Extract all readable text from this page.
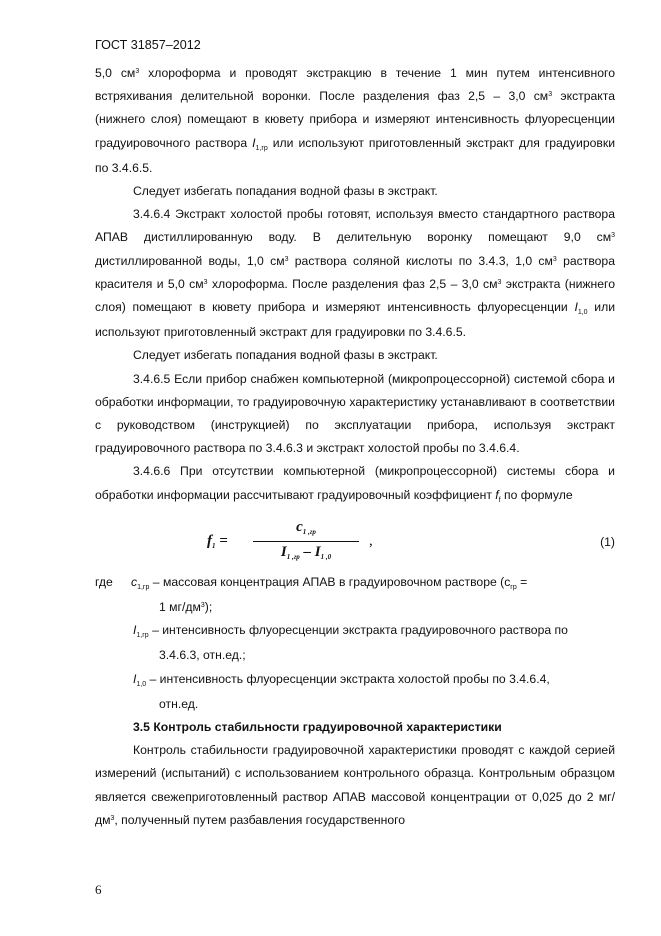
ГОСТ 31857–2012

5,0 $см^3$ хлороформа и проводят экстракцию в течение 1 мин путем интенсивного встряхивания делительной воронки. После разделения фаз 2,5 – 3,0 $см^3$ экстракта (нижнего слоя) помещают в кювету прибора и измеряют интенсивность флуоресценции градуировочного раствора $I_{1,гр}$ или используют приготовленный экстракт для градуировки по 3.4.6.5.

Следует избегать попадания водной фазы в экстракт.

3.4.6.4 Экстракт холостой пробы готовят, используя вместо стандартного раствора АПАВ дистиллированную воду. В делительную воронку помещают 9,0 $см^3$ дистиллированной воды, 1,0 $см^3$ раствора соляной кислоты по 3.4.3, 1,0 $см^3$ раствора красителя и 5,0 $см^3$ хлороформа. После разделения фаз 2,5 – 3,0 $см^3$ экстракта (нижнего слоя) помещают в кювету прибора и измеряют интенсивность флуоресценции $I_{1,0}$ или используют приготовленный экстракт для градуировки по 3.4.6.5.

Следует избегать попадания водной фазы в экстракт.

3.4.6.5 Если прибор снабжен компьютерной (микропроцессорной) системой сбора и обработки информации, то градуировочную характеристику устанавливают в соответствии с руководством (инструкцией) по эксплуатации прибора, используя экстракт градуировочного раствора по 3.4.6.3 и экстракт холостой пробы по 3.4.6.4.

3.4.6.6 При отсутствии компьютерной (микропроцессорной) системы сбора и обработки информации рассчитывают градуировочный коэффициент $f_f$ по формуле

$f_1$ =
$c_{1 ,гр}$
$I_{1 ,гр} - I_{1 ,0}$
,	(1)

где $c_{1,гр}$ – массовая концентрация АПАВ в градуировочном растворе ($с_{гр}$ =

1 $мг/дм^3$);

$I_{1,гр}$ – интенсивность флуоресценции экстракта градуировочного раствора по

3.4.6.3, отн.ед.;

$I_{1,0}$ – интенсивность флуоресценции экстракта холостой пробы по 3.4.6.4,

отн.ед.

3.5 Контроль стабильности градуировочной характеристики

Контроль стабильности градуировочной характеристики проводят с каждой серией измерений (испытаний) с использованием контрольного образца. Контрольным образцом является свежеприготовленный раствор АПАВ массовой концентрации от 0,025 до 2 $мг/дм^3$, полученный путем разбавления государственного

6
